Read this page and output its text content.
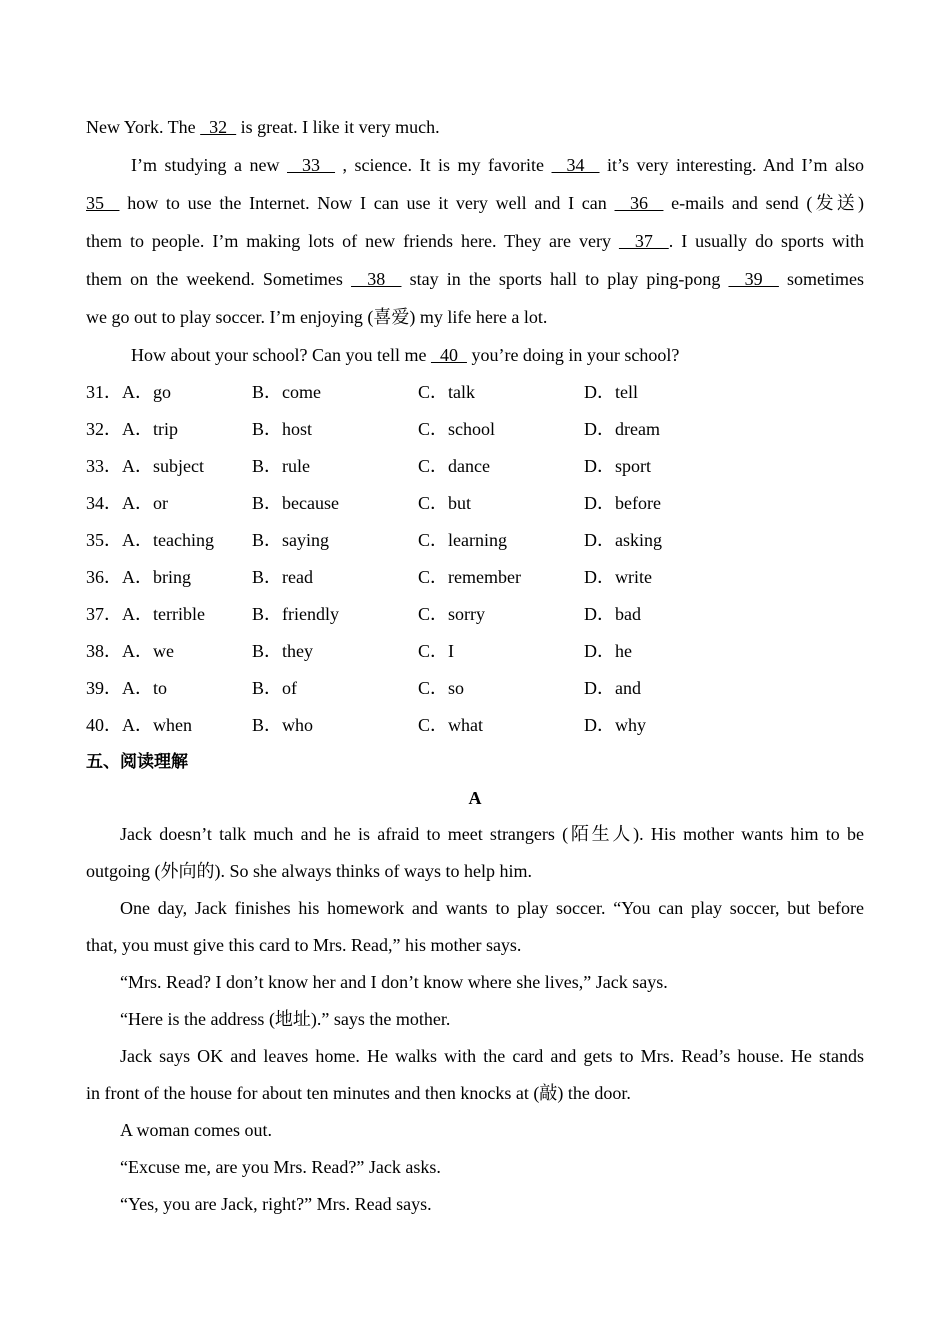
New York. The   32   is great. I like it very much.
I’m studying a new   33   , science. It is my favorite   34   it’s very interesting. And I’m also
35   how to use the Internet. Now I can use it very well and I can   36   e-mails and send (发送)
them to people. I’m making lots of new friends here. They are very   37  . I usually do sports with
them on the weekend. Sometimes   38   stay in the sports hall to play ping-pong   39   sometimes
we go out to play soccer. I’m enjoying (喜爱) my life here a lot.
How about your school? Can you tell me   40   you’re doing in your school?
31．A．go	B．come	C．talk	D．tell
32．A．trip	B．host	C．school	D．dream
33．A．subject	B．rule	C．dance	D．sport
34．A．or	B．because	C．but	D．before
35．A．teaching B．saying	C．learning	D．asking
36．A．bring	B．read	C．remember	D．write
37．A．terrible	B．friendly	C．sorry	D．bad
38．A．we	B．they	C．I	D．he
39．A．to	B．of	C．so	D．and
40．A．when	B．who	C．what	D．why
五、阅读理解
A
Jack doesn’t talk much and he is afraid to meet strangers (陌生人). His mother wants him to be
outgoing (外向的). So she always thinks of ways to help him.
One day, Jack finishes his homework and wants to play soccer. “You can play soccer, but before
that, you must give this card to Mrs. Read,” his mother says.
“Mrs. Read? I don’t know her and I don’t know where she lives,” Jack says.
“Here is the address (地址).” says the mother.
Jack says OK and leaves home. He walks with the card and gets to Mrs. Read’s house. He stands
in front of the house for about ten minutes and then knocks at (敲) the door.
A woman comes out.
“Excuse me, are you Mrs. Read?” Jack asks.
“Yes, you are Jack, right?” Mrs. Read says.
